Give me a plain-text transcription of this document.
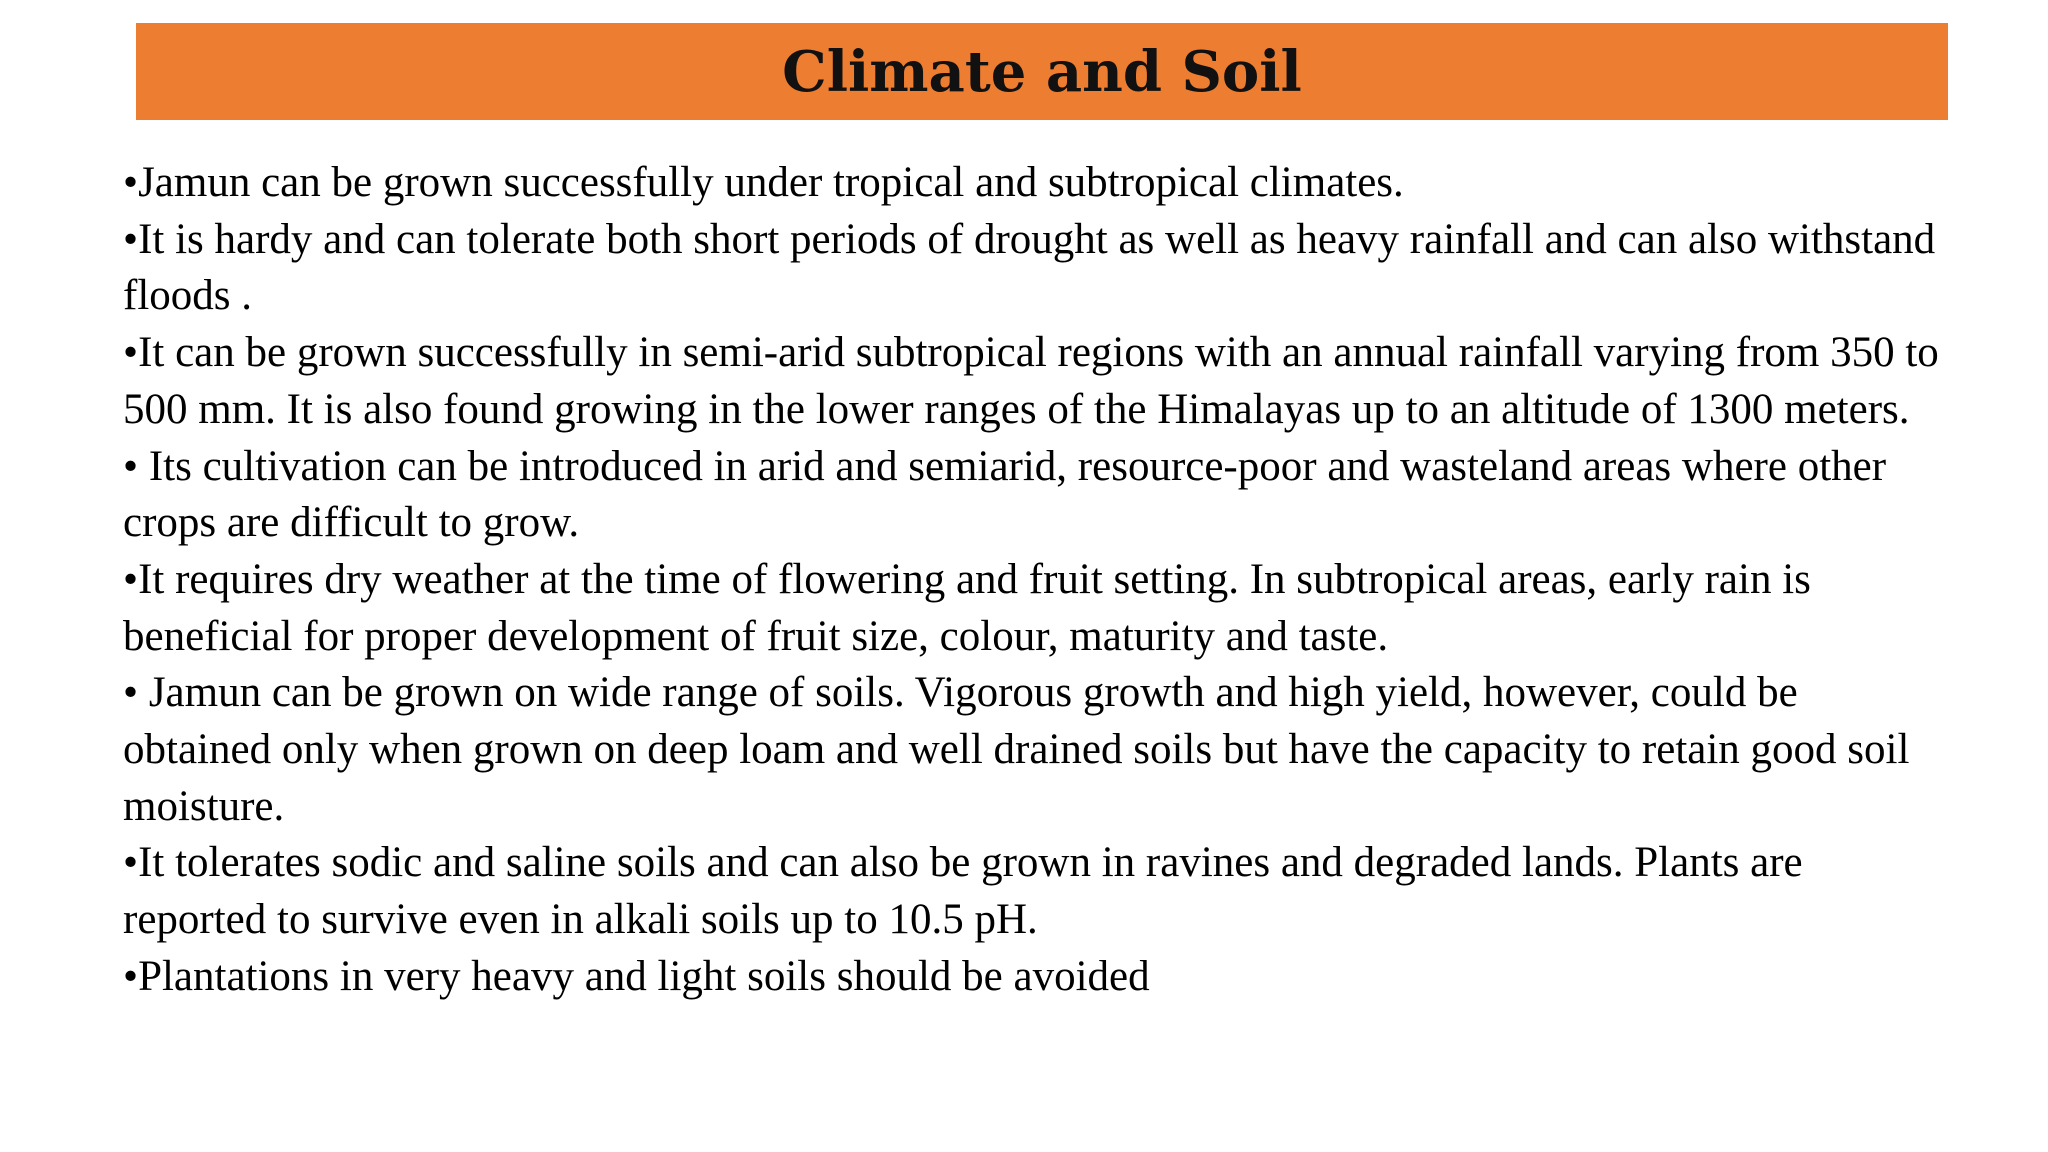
Climate and Soil
•Jamun can be grown successfully under tropical and subtropical climates.
•It is hardy and can tolerate both short periods of drought as well as heavy rainfall and can also withstand floods .
•It can be grown successfully in semi-arid subtropical regions with an annual rainfall varying from 350 to 500 mm. It is also found growing in the lower ranges of the Himalayas up to an altitude of 1300 meters.
• Its cultivation can be introduced in arid and semiarid, resource-poor and wasteland areas where other crops are difficult to grow.
•It requires dry weather at the time of flowering and fruit setting. In subtropical areas, early rain is beneficial for proper development of fruit size, colour, maturity and taste.
• Jamun can be grown on wide range of soils. Vigorous growth and high yield, however, could be obtained only when grown on deep loam and well drained soils but have the capacity to retain good soil moisture.
•It tolerates sodic and saline soils and can also be grown in ravines and degraded lands. Plants are reported to survive even in alkali soils up to 10.5 pH.
•Plantations in very heavy and light soils should be avoided
